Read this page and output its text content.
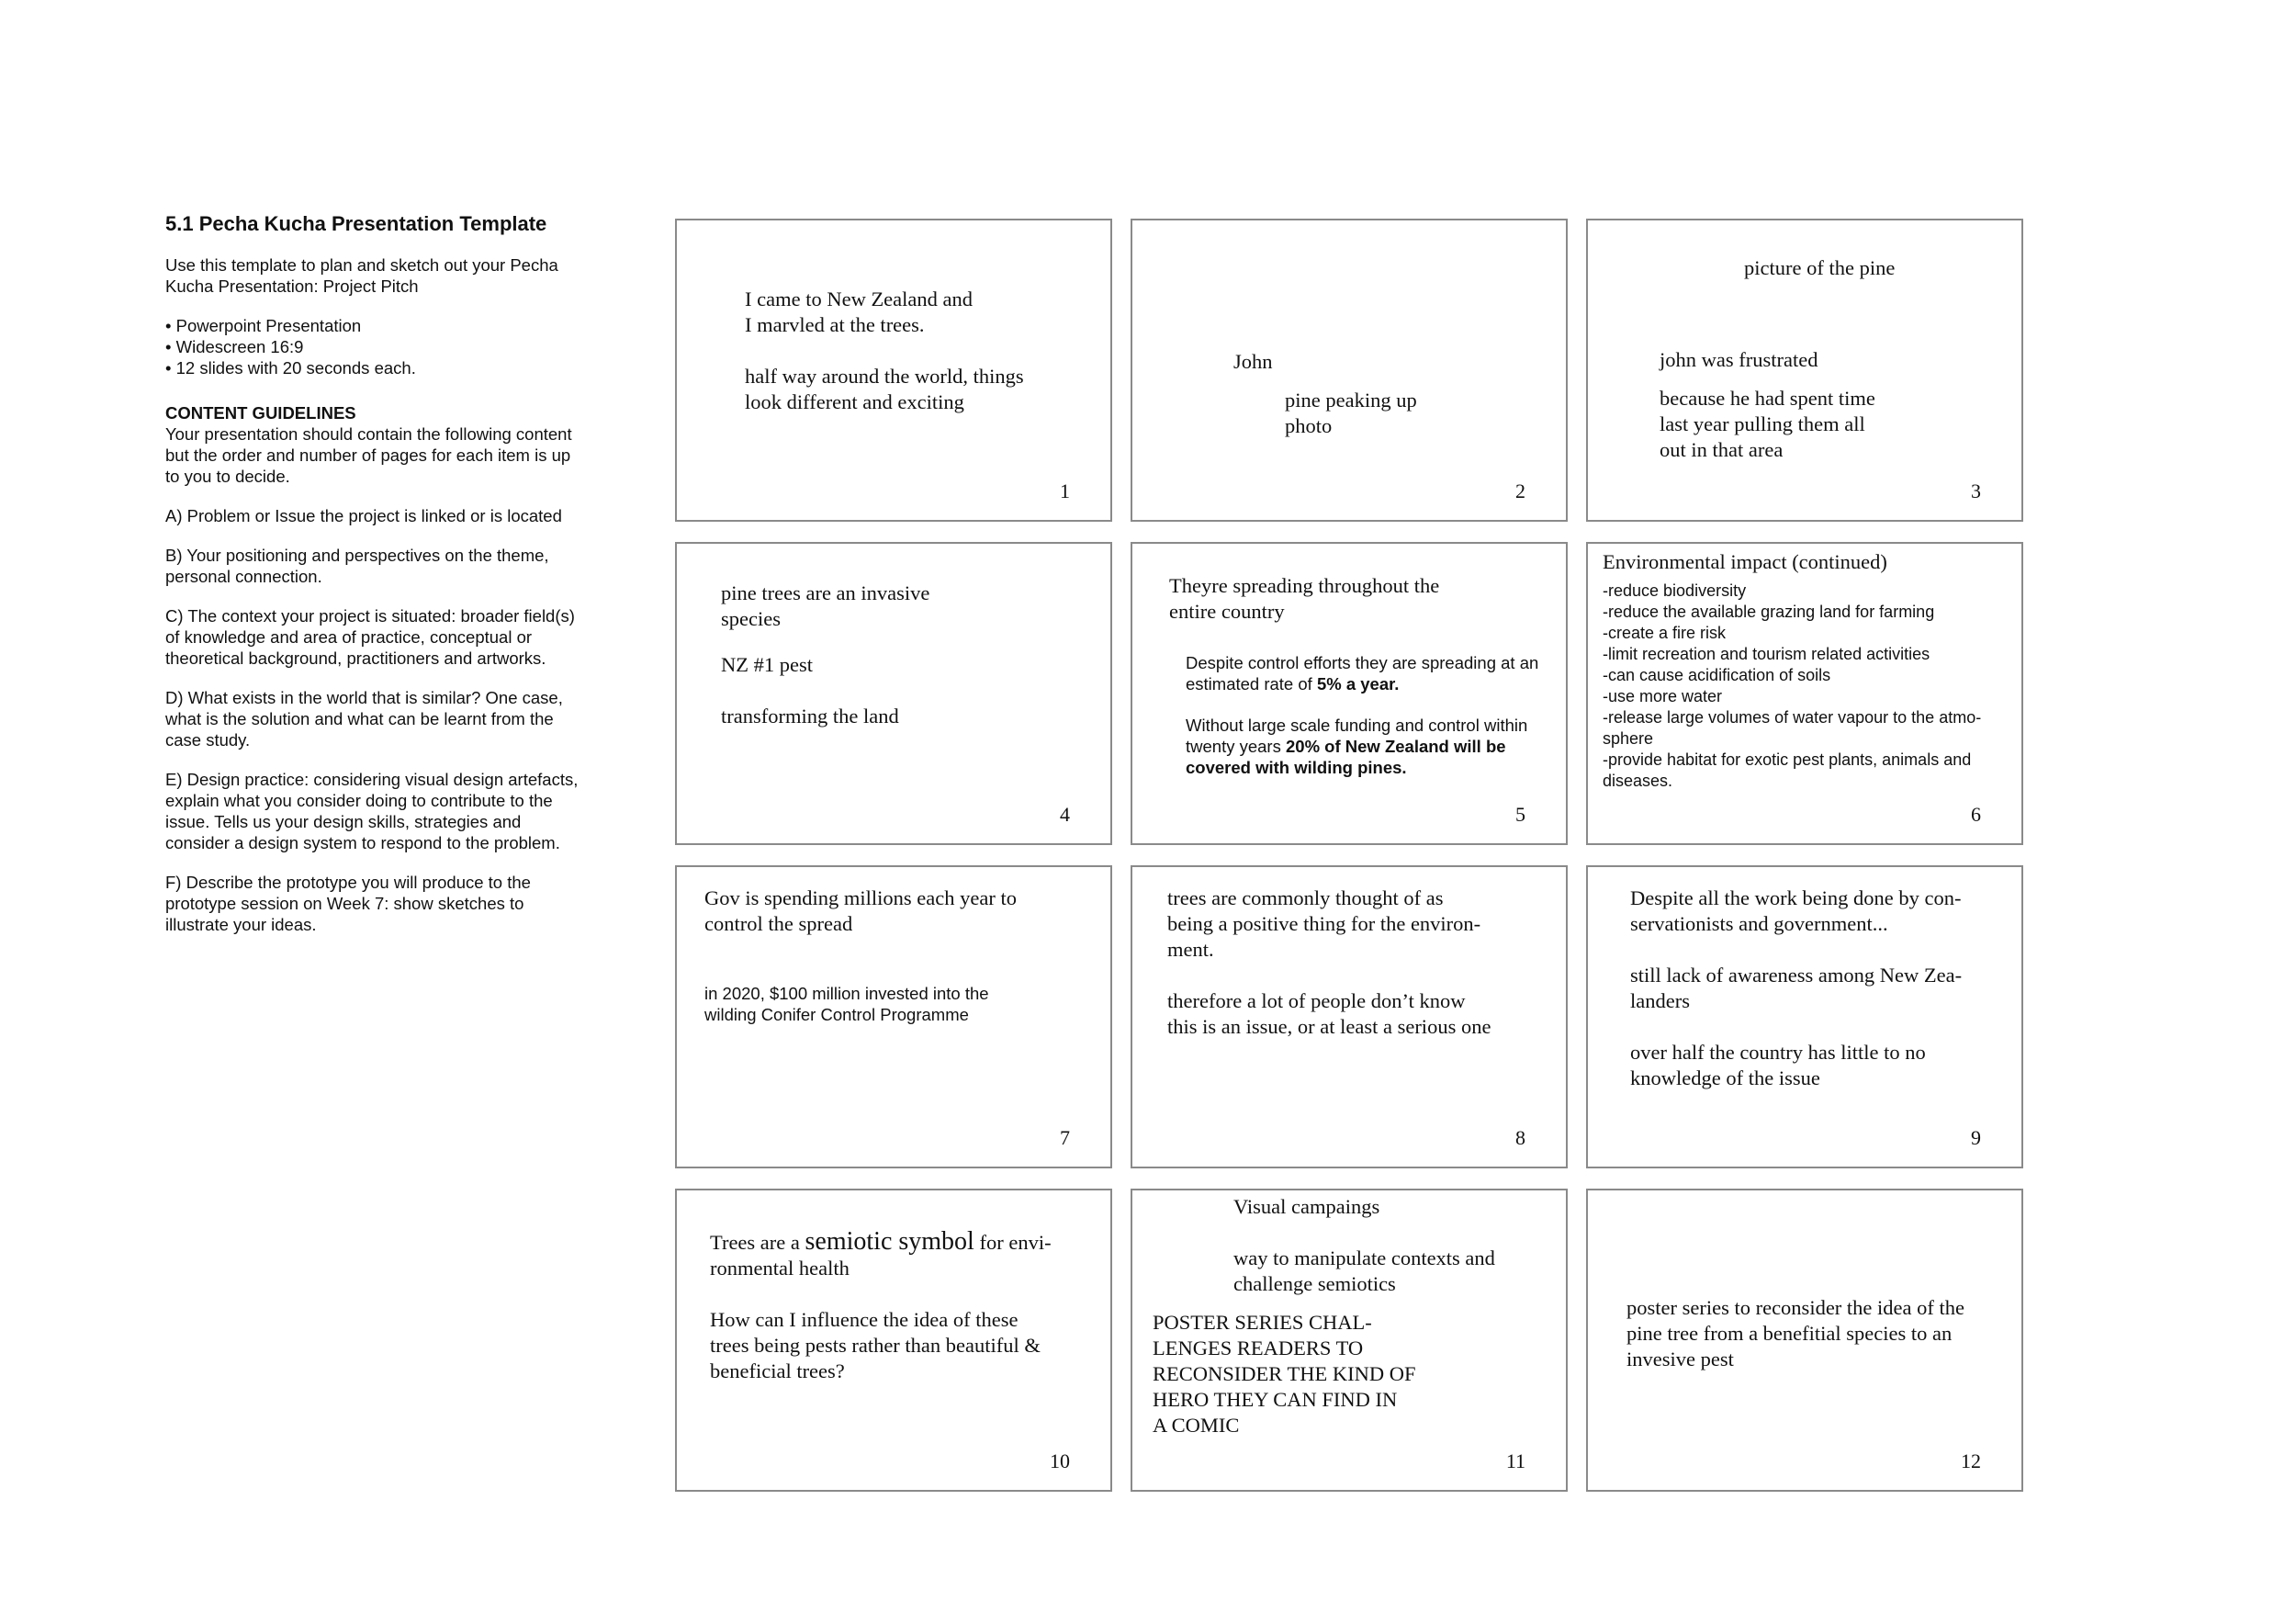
5.1 Pecha Kucha Presentation Template

Use this template to plan and sketch out your Pecha Kucha Presentation: Project Pitch

• Powerpoint Presentation
• Widescreen 16:9
• 12 slides with 20 seconds each.
CONTENT GUIDELINES

Your presentation should contain the following content but the order and number of pages for each item is up to you to decide.

A) Problem or Issue the project is linked or is located

B) Your positioning and perspectives on the theme, personal connection.

C) The context your project is situated: broader field(s) of knowledge and area of practice, conceptual or theoretical background, practitioners and artworks.

D) What exists in the world that is similar? One case, what is the solution and what can be learnt from the case study.

E) Design practice: considering visual design artefacts, explain what you consider doing to contribute to the issue. Tells us your design skills, strategies and consider a design system to respond to the problem.

F) Describe the prototype you will produce to the prototype session on Week 7: show sketches to illustrate your ideas.

I came to New Zealand and
I marvled at the trees.
half way around the world, things
look different and exciting
1
John
pine peaking up
photo
2
picture of the pine
john was frustrated
because he had spent time
last year pulling them all
out in that area
3
pine trees are an invasive
species
NZ #1 pest
transforming the land
4
Theyre spreading throughout the
entire country
Despite control efforts they are spreading at an
estimated rate of 5% a year.
Without large scale funding and control within
twenty years 20% of New Zealand will be
covered with wilding pines.
5
Environmental impact (continued)
-reduce biodiversity
-reduce the available grazing land for farming
-create a fire risk
-limit recreation and tourism related activities
-can cause acidification of soils
-use more water
-release large volumes of water vapour to the atmo-
sphere
-provide habitat for exotic pest plants, animals and
diseases.
6
Gov is spending millions each year to
control the spread
in 2020, $100 million invested into the
wilding Conifer Control Programme
7
trees are commonly thought of as
being a positive thing for the environ-
ment.
therefore a lot of people don’t know
this is an issue, or at least a serious one
8
Despite all the work being done by con-
servationists and government...
still lack of awareness among New Zea-
landers
over half the country has little to no
knowledge of the issue
9
Trees are a semiotic symbol for envi-
ronmental health
How can I influence the idea of these
trees being pests rather than beautiful &
beneficial trees?
10
Visual campaings
way to manipulate contexts and
challenge semiotics
POSTER SERIES CHAL-
LENGES READERS TO
RECONSIDER THE KIND OF
HERO THEY CAN FIND IN
A COMIC
11
poster series to reconsider the idea of the
pine tree from a benefitial species to an
invesive pest
12
